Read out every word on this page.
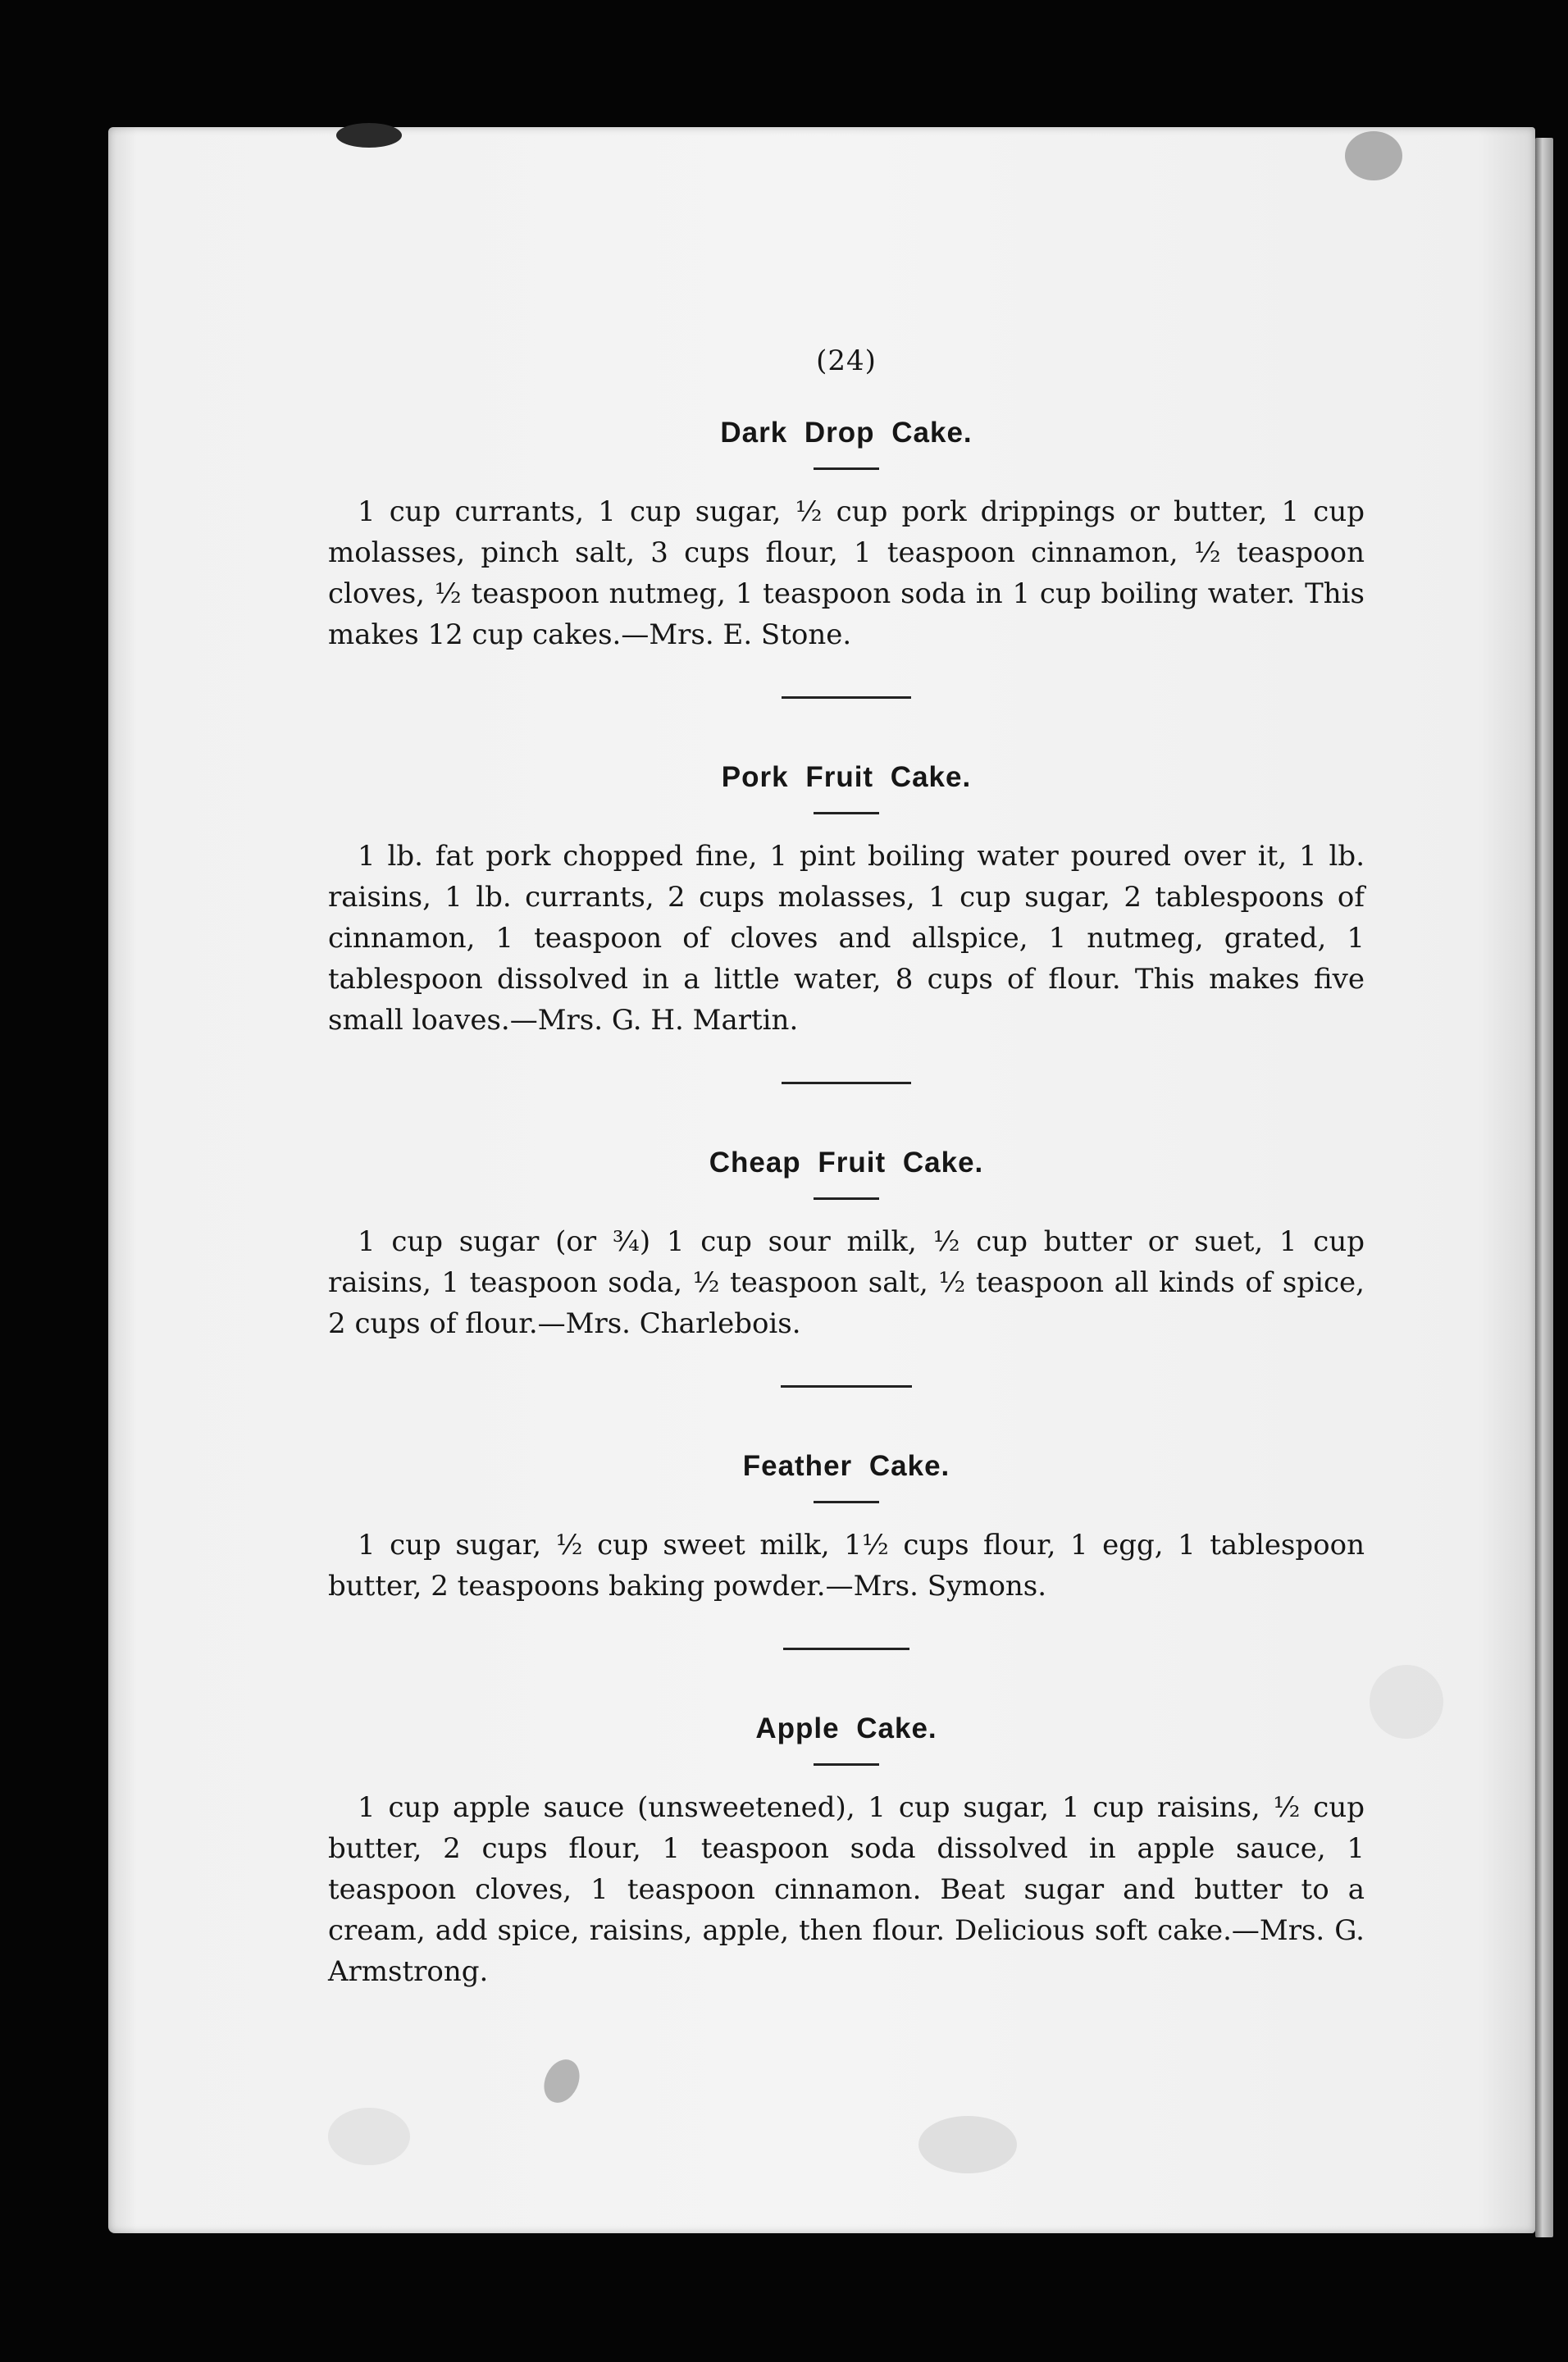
(24)
Dark Drop Cake.

1 cup currants, 1 cup sugar, ½ cup pork drippings or butter, 1 cup molasses, pinch salt, 3 cups flour, 1 teaspoon cinnamon, ½ teaspoon cloves, ½ teaspoon nutmeg, 1 teaspoon soda in 1 cup boiling water. This makes 12 cup cakes.—Mrs. E. Stone.

Pork Fruit Cake.

1 lb. fat pork chopped fine, 1 pint boiling water poured over it, 1 lb. raisins, 1 lb. currants, 2 cups molasses, 1 cup sugar, 2 tablespoons of cinnamon, 1 teaspoon of cloves and allspice, 1 nutmeg, grated, 1 tablespoon dissolved in a little water, 8 cups of flour. This makes five small loaves.—Mrs. G. H. Martin.

Cheap Fruit Cake.

1 cup sugar (or ¾) 1 cup sour milk, ½ cup butter or suet, 1 cup raisins, 1 teaspoon soda, ½ teaspoon salt, ½ teaspoon all kinds of spice, 2 cups of flour.—Mrs. Charlebois.

Feather Cake.

1 cup sugar, ½ cup sweet milk, 1½ cups flour, 1 egg, 1 tablespoon butter, 2 teaspoons baking powder.—Mrs. Symons.

Apple Cake.

1 cup apple sauce (unsweetened), 1 cup sugar, 1 cup raisins, ½ cup butter, 2 cups flour, 1 teaspoon soda dissolved in apple sauce, 1 teaspoon cloves, 1 teaspoon cinnamon. Beat sugar and butter to a cream, add spice, raisins, apple, then flour. Delicious soft cake.—Mrs. G. Armstrong.
